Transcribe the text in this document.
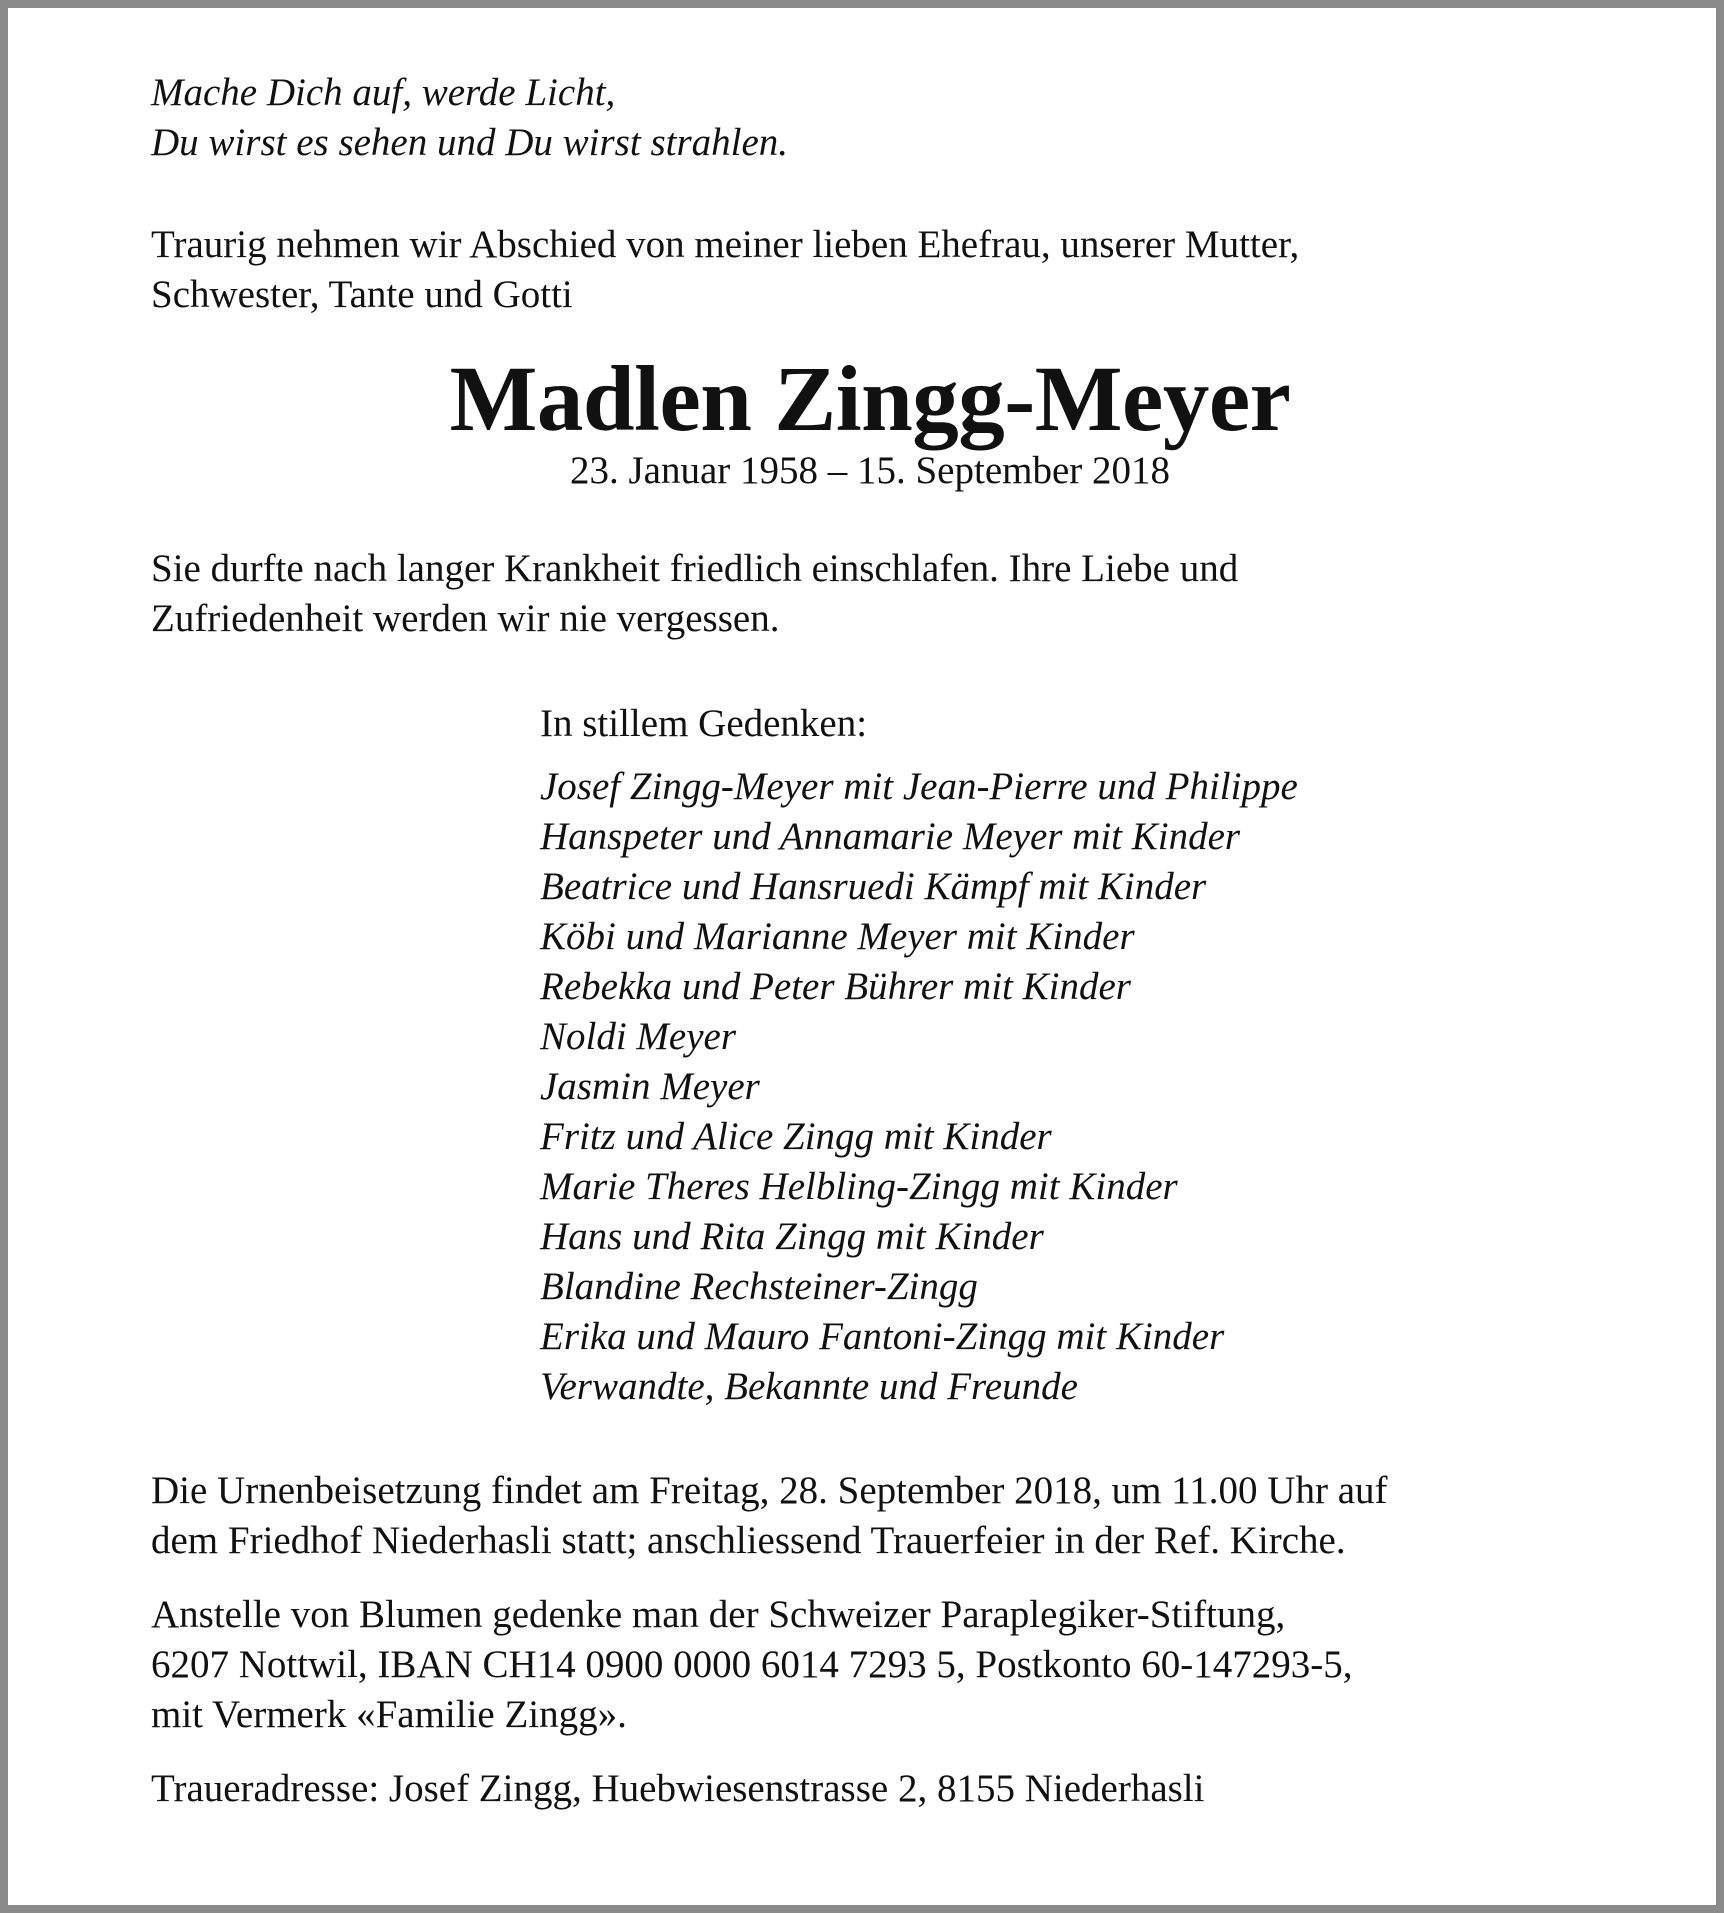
Mache Dich auf, werde Licht,
Du wirst es sehen und Du wirst strahlen.
Traurig nehmen wir Abschied von meiner lieben Ehefrau, unserer Mutter,
Schwester, Tante und Gotti
Madlen Zingg-Meyer
23. Januar 1958 – 15. September 2018
Sie durfte nach langer Krankheit friedlich einschlafen. Ihre Liebe und
Zufriedenheit werden wir nie vergessen.
In stillem Gedenken:
Josef Zingg-Meyer mit Jean-Pierre und Philippe
Hanspeter und Annamarie Meyer mit Kinder
Beatrice und Hansruedi Kämpf mit Kinder
Köbi und Marianne Meyer mit Kinder
Rebekka und Peter Bührer mit Kinder
Noldi Meyer
Jasmin Meyer
Fritz und Alice Zingg mit Kinder
Marie Theres Helbling-Zingg mit Kinder
Hans und Rita Zingg mit Kinder
Blandine Rechsteiner-Zingg
Erika und Mauro Fantoni-Zingg mit Kinder
Verwandte, Bekannte und Freunde
Die Urnenbeisetzung findet am Freitag, 28. September 2018, um 11.00 Uhr auf
dem Friedhof Niederhasli statt; anschliessend Trauerfeier in der Ref. Kirche.
Anstelle von Blumen gedenke man der Schweizer Paraplegiker-Stiftung,
6207 Nottwil, IBAN CH14 0900 0000 6014 7293 5, Postkonto 60-147293-5,
mit Vermerk «Familie Zingg».
Traueradresse: Josef Zingg, Huebwiesenstrasse 2, 8155 Niederhasli
